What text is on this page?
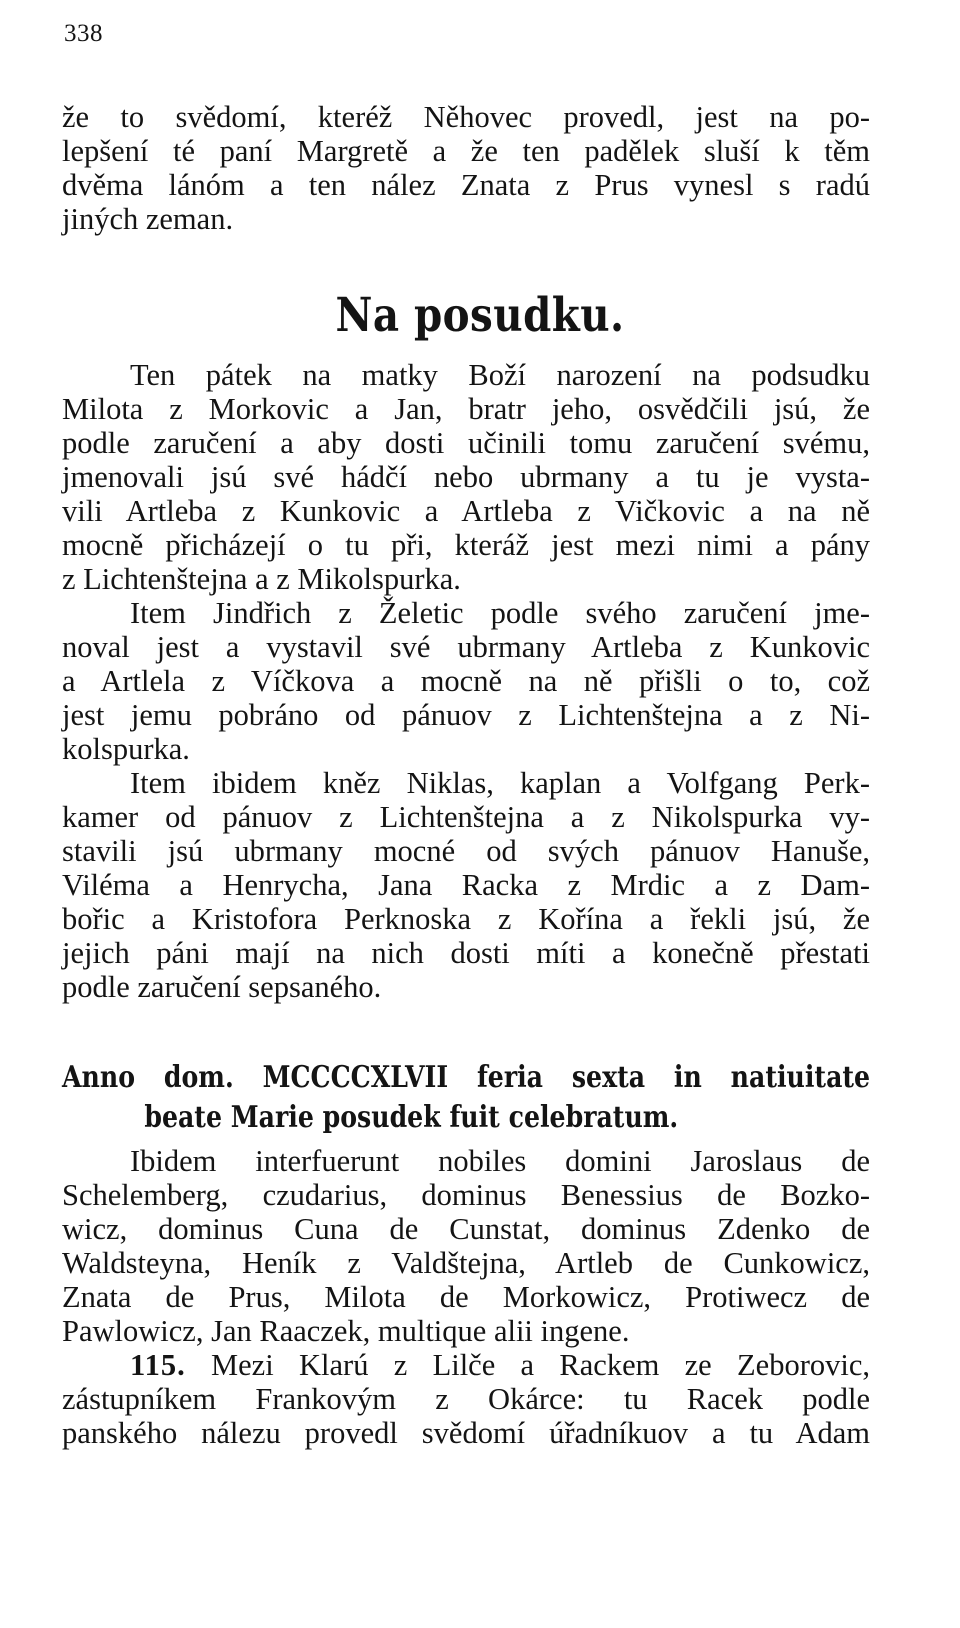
338
že to svědomí, kteréž Něhovec provedl, jest na po-
lepšení té paní Margretě a že ten padělek sluší k těm
dvěma lánóm a ten nález Znata z Prus vynesl s radú
jiných zeman.
Na posudku.
Ten pátek na matky Boží narození na podsudku
Milota z Morkovic a Jan, bratr jeho, osvědčili jsú, že
podle zaručení a aby dosti učinili tomu zaručení svému,
jmenovali jsú své hádčí nebo ubrmany a tu je vysta-
vili Artleba z Kunkovic a Artleba z Vičkovic a na ně
mocně přicházejí o tu při, kteráž jest mezi nimi a pány
z Lichtenštejna a z Mikolspurka.
Item Jindřich z Želetic podle svého zaručení jme-
noval jest a vystavil své ubrmany Artleba z Kunkovic
a Artlela z Víčkova a mocně na ně přišli o to, což
jest jemu pobráno od pánuov z Lichtenštejna a z Ni-
kolspurka.
Item ibidem kněz Niklas, kaplan a Volfgang Perk-
kamer od pánuov z Lichtenštejna a z Nikolspurka vy-
stavili jsú ubrmany mocné od svých pánuov Hanuše,
Viléma a Henrycha, Jana Racka z Mrdic a z Dam-
bořic a Kristofora Perknoska z Kořína a řekli jsú, že
jejich páni mají na nich dosti míti a konečně přestati
podle zaručení sepsaného.
Anno dom. MCCCCXLVII feria sexta in natiuitate
beate Marie posudek fuit celebratum.
Ibidem interfuerunt nobiles domini Jaroslaus de
Schelemberg, czudarius, dominus Benessius de Bozko-
wicz, dominus Cuna de Cunstat, dominus Zdenko de
Waldsteyna, Heník z Valdštejna, Artleb de Cunkowicz,
Znata de Prus, Milota de Morkowicz, Protiwecz de
Pawlowicz, Jan Raaczek, multique alii ingene.
115. Mezi Klarú z Lilče a Rackem ze Zeborovic,
zástupníkem Frankovým z Okárce: tu Racek podle
panského nálezu provedl svědomí úřadníkuov a tu Adam
